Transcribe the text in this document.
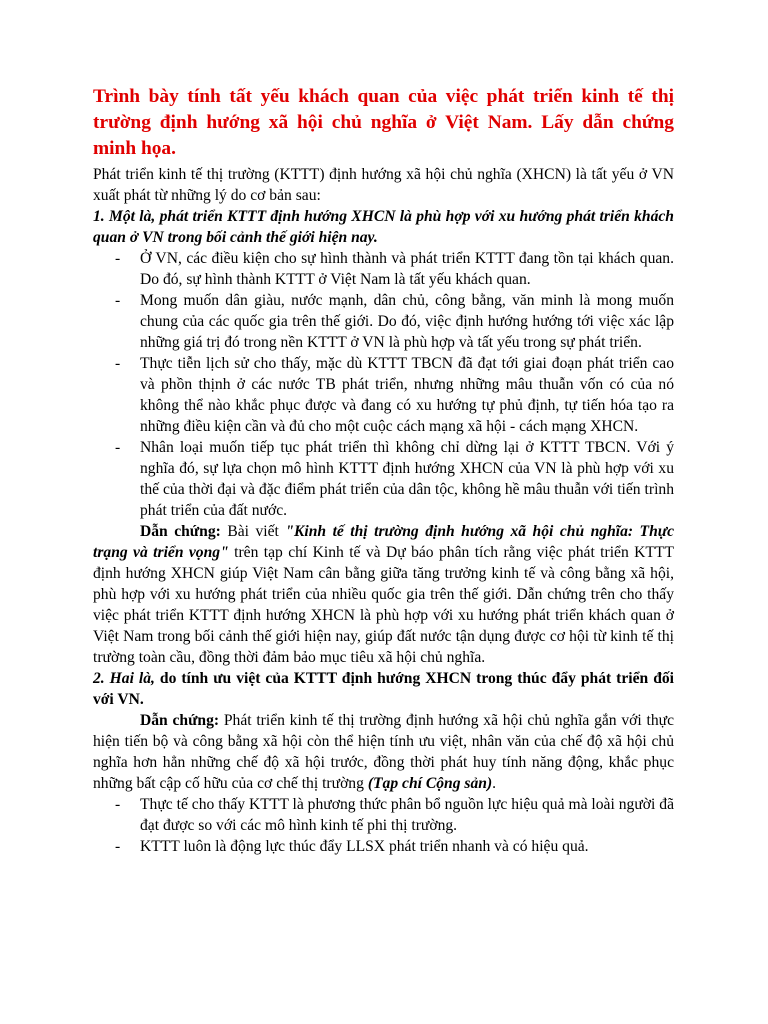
Trình bày tính tất yếu khách quan của việc phát triển kinh tế thị trường định hướng xã hội chủ nghĩa ở Việt Nam. Lấy dẫn chứng minh họa.

Phát triển kinh tế thị trường (KTTT) định hướng xã hội chủ nghĩa (XHCN) là tất yếu ở VN xuất phát từ những lý do cơ bản sau:

1. Một là, phát triển KTTT định hướng XHCN là phù hợp với xu hướng phát triển khách quan ở VN trong bối cảnh thế giới hiện nay.

- Ở VN, các điều kiện cho sự hình thành và phát triển KTTT đang tồn tại khách quan. Do đó, sự hình thành KTTT ở Việt Nam là tất yếu khách quan.
- Mong muốn dân giàu, nước mạnh, dân chủ, công bằng, văn minh là mong muốn chung của các quốc gia trên thế giới. Do đó, việc định hướng hướng tới việc xác lập những giá trị đó trong nền KTTT ở VN là phù hợp và tất yếu trong sự phát triển.
- Thực tiễn lịch sử cho thấy, mặc dù KTTT TBCN đã đạt tới giai đoạn phát triển cao và phồn thịnh ở các nước TB phát triển, nhưng những mâu thuẫn vốn có của nó không thể nào khắc phục được và đang có xu hướng tự phủ định, tự tiến hóa tạo ra những điều kiện cần và đủ cho một cuộc cách mạng xã hội - cách mạng XHCN.
- Nhân loại muốn tiếp tục phát triển thì không chỉ dừng lại ở KTTT TBCN. Với ý nghĩa đó, sự lựa chọn mô hình KTTT định hướng XHCN của VN là phù hợp với xu thế của thời đại và đặc điểm phát triển của dân tộc, không hề mâu thuẫn với tiến trình phát triển của đất nước.

Dẫn chứng: Bài viết "Kinh tế thị trường định hướng xã hội chủ nghĩa: Thực trạng và triển vọng" trên tạp chí Kinh tế và Dự báo phân tích rằng việc phát triển KTTT định hướng XHCN giúp Việt Nam cân bằng giữa tăng trưởng kinh tế và công bằng xã hội, phù hợp với xu hướng phát triển của nhiều quốc gia trên thế giới. Dẫn chứng trên cho thấy việc phát triển KTTT định hướng XHCN là phù hợp với xu hướng phát triển khách quan ở Việt Nam trong bối cảnh thế giới hiện nay, giúp đất nước tận dụng được cơ hội từ kinh tế thị trường toàn cầu, đồng thời đảm bảo mục tiêu xã hội chủ nghĩa.

2. Hai là, do tính ưu việt của KTTT định hướng XHCN trong thúc đẩy phát triển đối với VN.

Dẫn chứng: Phát triển kinh tế thị trường định hướng xã hội chủ nghĩa gắn với thực hiện tiến bộ và công bằng xã hội còn thể hiện tính ưu việt, nhân văn của chế độ xã hội chủ nghĩa hơn hẳn những chế độ xã hội trước, đồng thời phát huy tính năng động, khắc phục những bất cập cố hữu của cơ chế thị trường (Tạp chí Cộng sản).

- Thực tế cho thấy KTTT là phương thức phân bổ nguồn lực hiệu quả mà loài người đã đạt được so với các mô hình kinh tế phi thị trường.
- KTTT luôn là động lực thúc đẩy LLSX phát triển nhanh và có hiệu quả.
